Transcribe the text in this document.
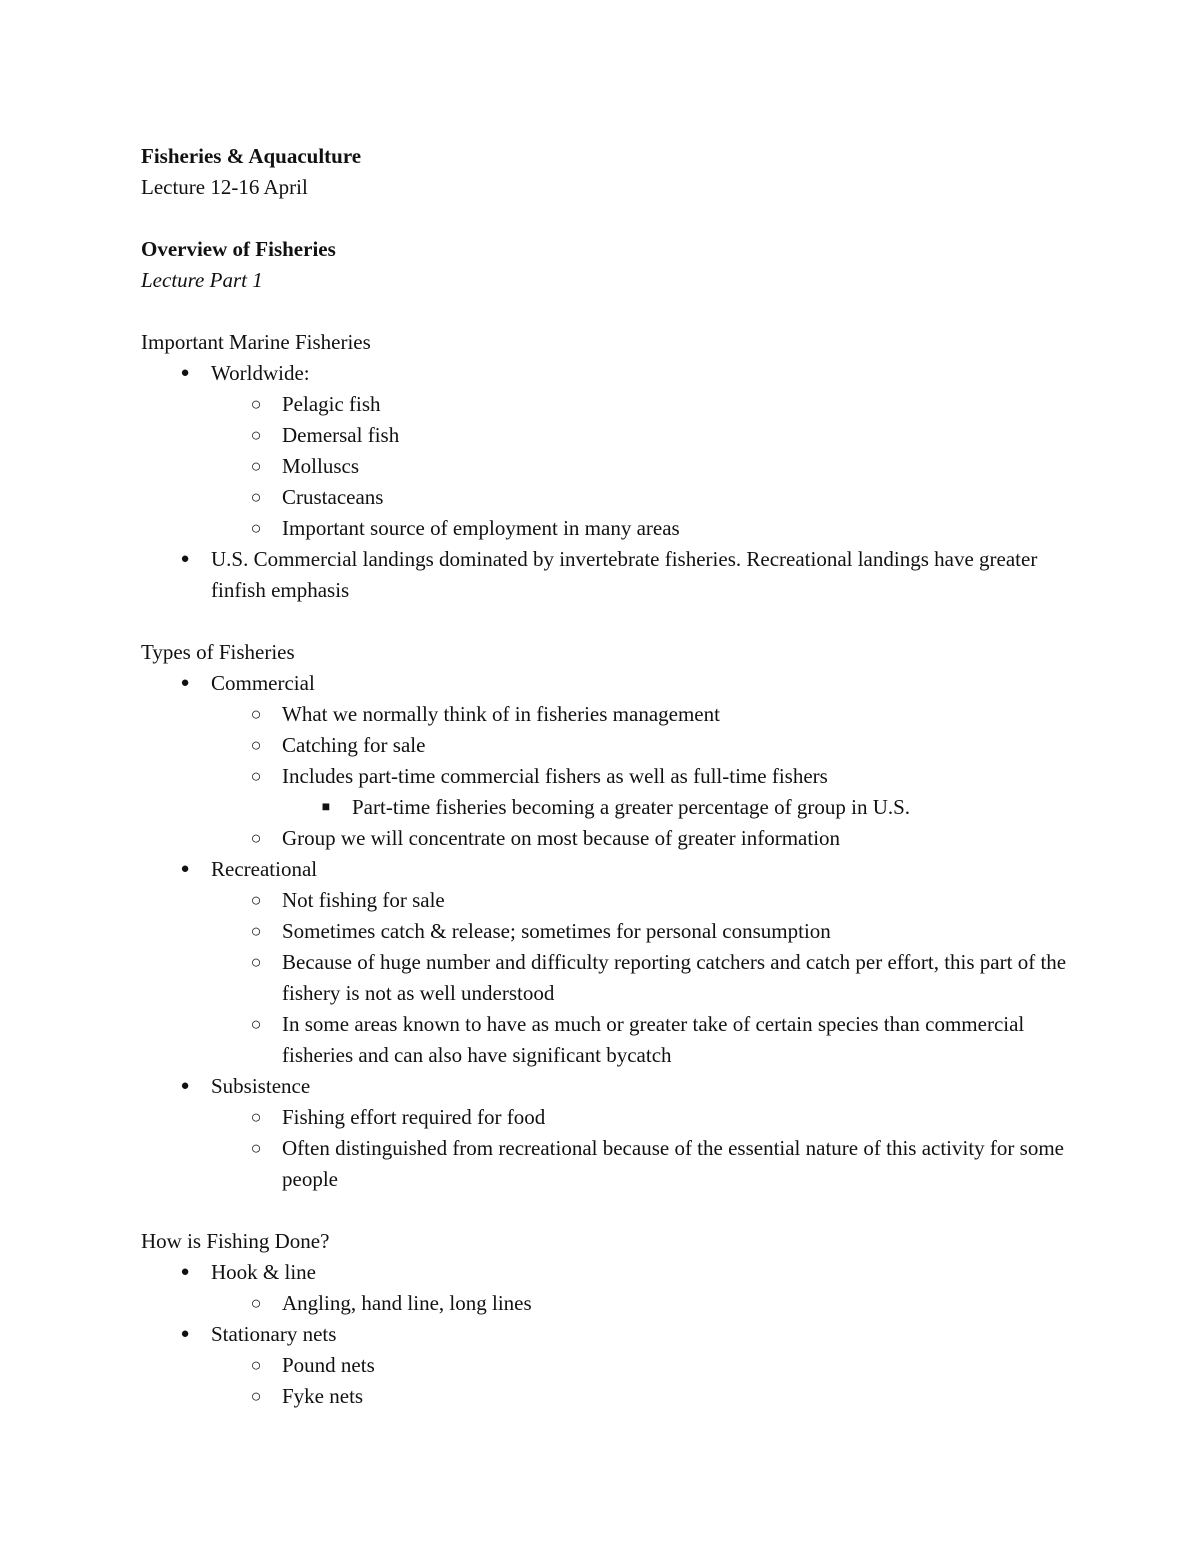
Fisheries & Aquaculture
Lecture 12-16 April
Overview of Fisheries
Lecture Part 1
Important Marine Fisheries
● Worldwide:
○ Pelagic fish
○ Demersal fish
○ Molluscs
○ Crustaceans
○ Important source of employment in many areas
● U.S. Commercial landings dominated by invertebrate fisheries. Recreational landings have greater finfish emphasis
Types of Fisheries
● Commercial
○ What we normally think of in fisheries management
○ Catching for sale
○ Includes part-time commercial fishers as well as full-time fishers
■ Part-time fisheries becoming a greater percentage of group in U.S.
○ Group we will concentrate on most because of greater information
● Recreational
○ Not fishing for sale
○ Sometimes catch & release; sometimes for personal consumption
○ Because of huge number and difficulty reporting catchers and catch per effort, this part of the fishery is not as well understood
○ In some areas known to have as much or greater take of certain species than commercial fisheries and can also have significant bycatch
● Subsistence
○ Fishing effort required for food
○ Often distinguished from recreational because of the essential nature of this activity for some people
How is Fishing Done?
● Hook & line
○ Angling, hand line, long lines
● Stationary nets
○ Pound nets
○ Fyke nets
